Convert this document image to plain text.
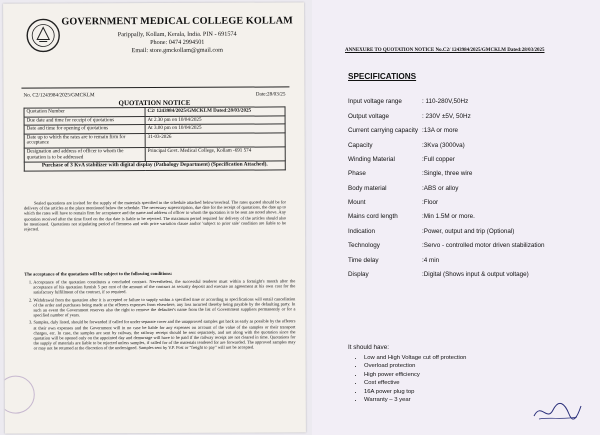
GOVERNMENT MEDICAL COLLEGE KOLLAM
Parippally, Kollam, Kerala, India. PIN - 691574
Phone: 0474 2994501
Email: store.gmckollam@gmail.com
No. C2/1243984/2025/GMCKLM	Date:28/03/25
QUOTATION NOTICE
Quotation Number	C2/ 1243984/2025/GMCKLM Dated:28/03/2025
Due date and time for receipt of quotations	At 2.30 pm on 10/04/2025
Date and time for opening of quotations	At 3.00 pm on 10/04/2025
Date up to which the rates are to remain firm for acceptance	31-03-2026
Designation and address of officer to whom the quotation is to be addressed	Principal Govt. Medical College, Kollam -691 574
Purchase of 3 KvA stabilizer with digital display (Pathology Department) (Specification Attached).	
Sealed quotations are invited for the supply of the materials specified in the schedule attached below/overleaf. The rates quoted should be for delivery of the articles at the place mentioned below the schedule. The necessary superscription, due date for the receipt of quotations, the date up to which the rates will have to remain firm for acceptance and the name and address of officer to whom the quotation is to be sent are noted above. Any quotation received after the time fixed on the due date is liable to be rejected. The maximum period required for delivery of the articles should also be mentioned. Quotations not stipulating period of firmness and with price variation clause and/or 'subject to prior sale' condition are liable to be rejected.
The acceptance of the quotations will be subject to the following conditions:
1. Acceptance of the quotation constitutes a concluded contract. Nevertheless, the successful tenderer must within a fortnight's month after the acceptance of his quotation furnish 5 per cent of the amount of the contract as security deposit and execute an agreement at his own cost for the satisfactory fulfillment of the contract, if so required.
2. Withdrawal from the quotation after it is accepted or failure to supply within a specified time or according to specifications will entail cancellation of the order and purchases being made at the offerers expenses from elsewhere, any loss incurred thereby being payable by the defaulting party. In such an event the Government reserves also the right to remove the defaulter's name from the list of Government suppliers permanently or for a specified number of years.
3. Samples, duly listed, should be forwarded if called for under separate cover and the unapproved samples got back as early as possible by the offerers at their own expenses and the Government will in no case be liable for any expenses on account of the value of the samples or their transport charges, etc. In case, the samples are sent by railway, the railway receipt should be sent separately, and not along with the quotation since the quotation will be opened only on the appointed day and demurrage will have to be paid if the railway receipt are not cleared in time. Quotations for the supply of materials are liable to be rejected unless samples, if called for of the materials tendered for are forwarded. The approved samples may or may not be returned at the discretion of the undersigned. Samples sent by V.P. Post or "freight to pay" will not be accepted.
ANNEXURE TO QUOTATION NOTICE No.C2/ 1243984/2025/GMCKLM Dated:28/03/2025
SPECIFICATIONS
Input voltage range	: 110-280V,50Hz
Output voltage	: 230V ±5V, 50Hz
Current carrying capacity :13A or more
Capacity	:3Kva (3000va)
Winding Material	:Full copper
Phase	:Single, three wire
Body material	:ABS or alloy
Mount	:Floor
Mains cord length	:Min 1.5M or more.
Indication	:Power, output and trip (Optional)
Technology	:Servo - controlled motor driven stabilization
Time delay	:4 min
Display	:Digital (Shows input & output voltage)
It should have:
• Low and High Voltage cut off protection
• Overload protection
• High power efficiency
• Cost effective
• 16A power plug top
• Warranty – 3 year
